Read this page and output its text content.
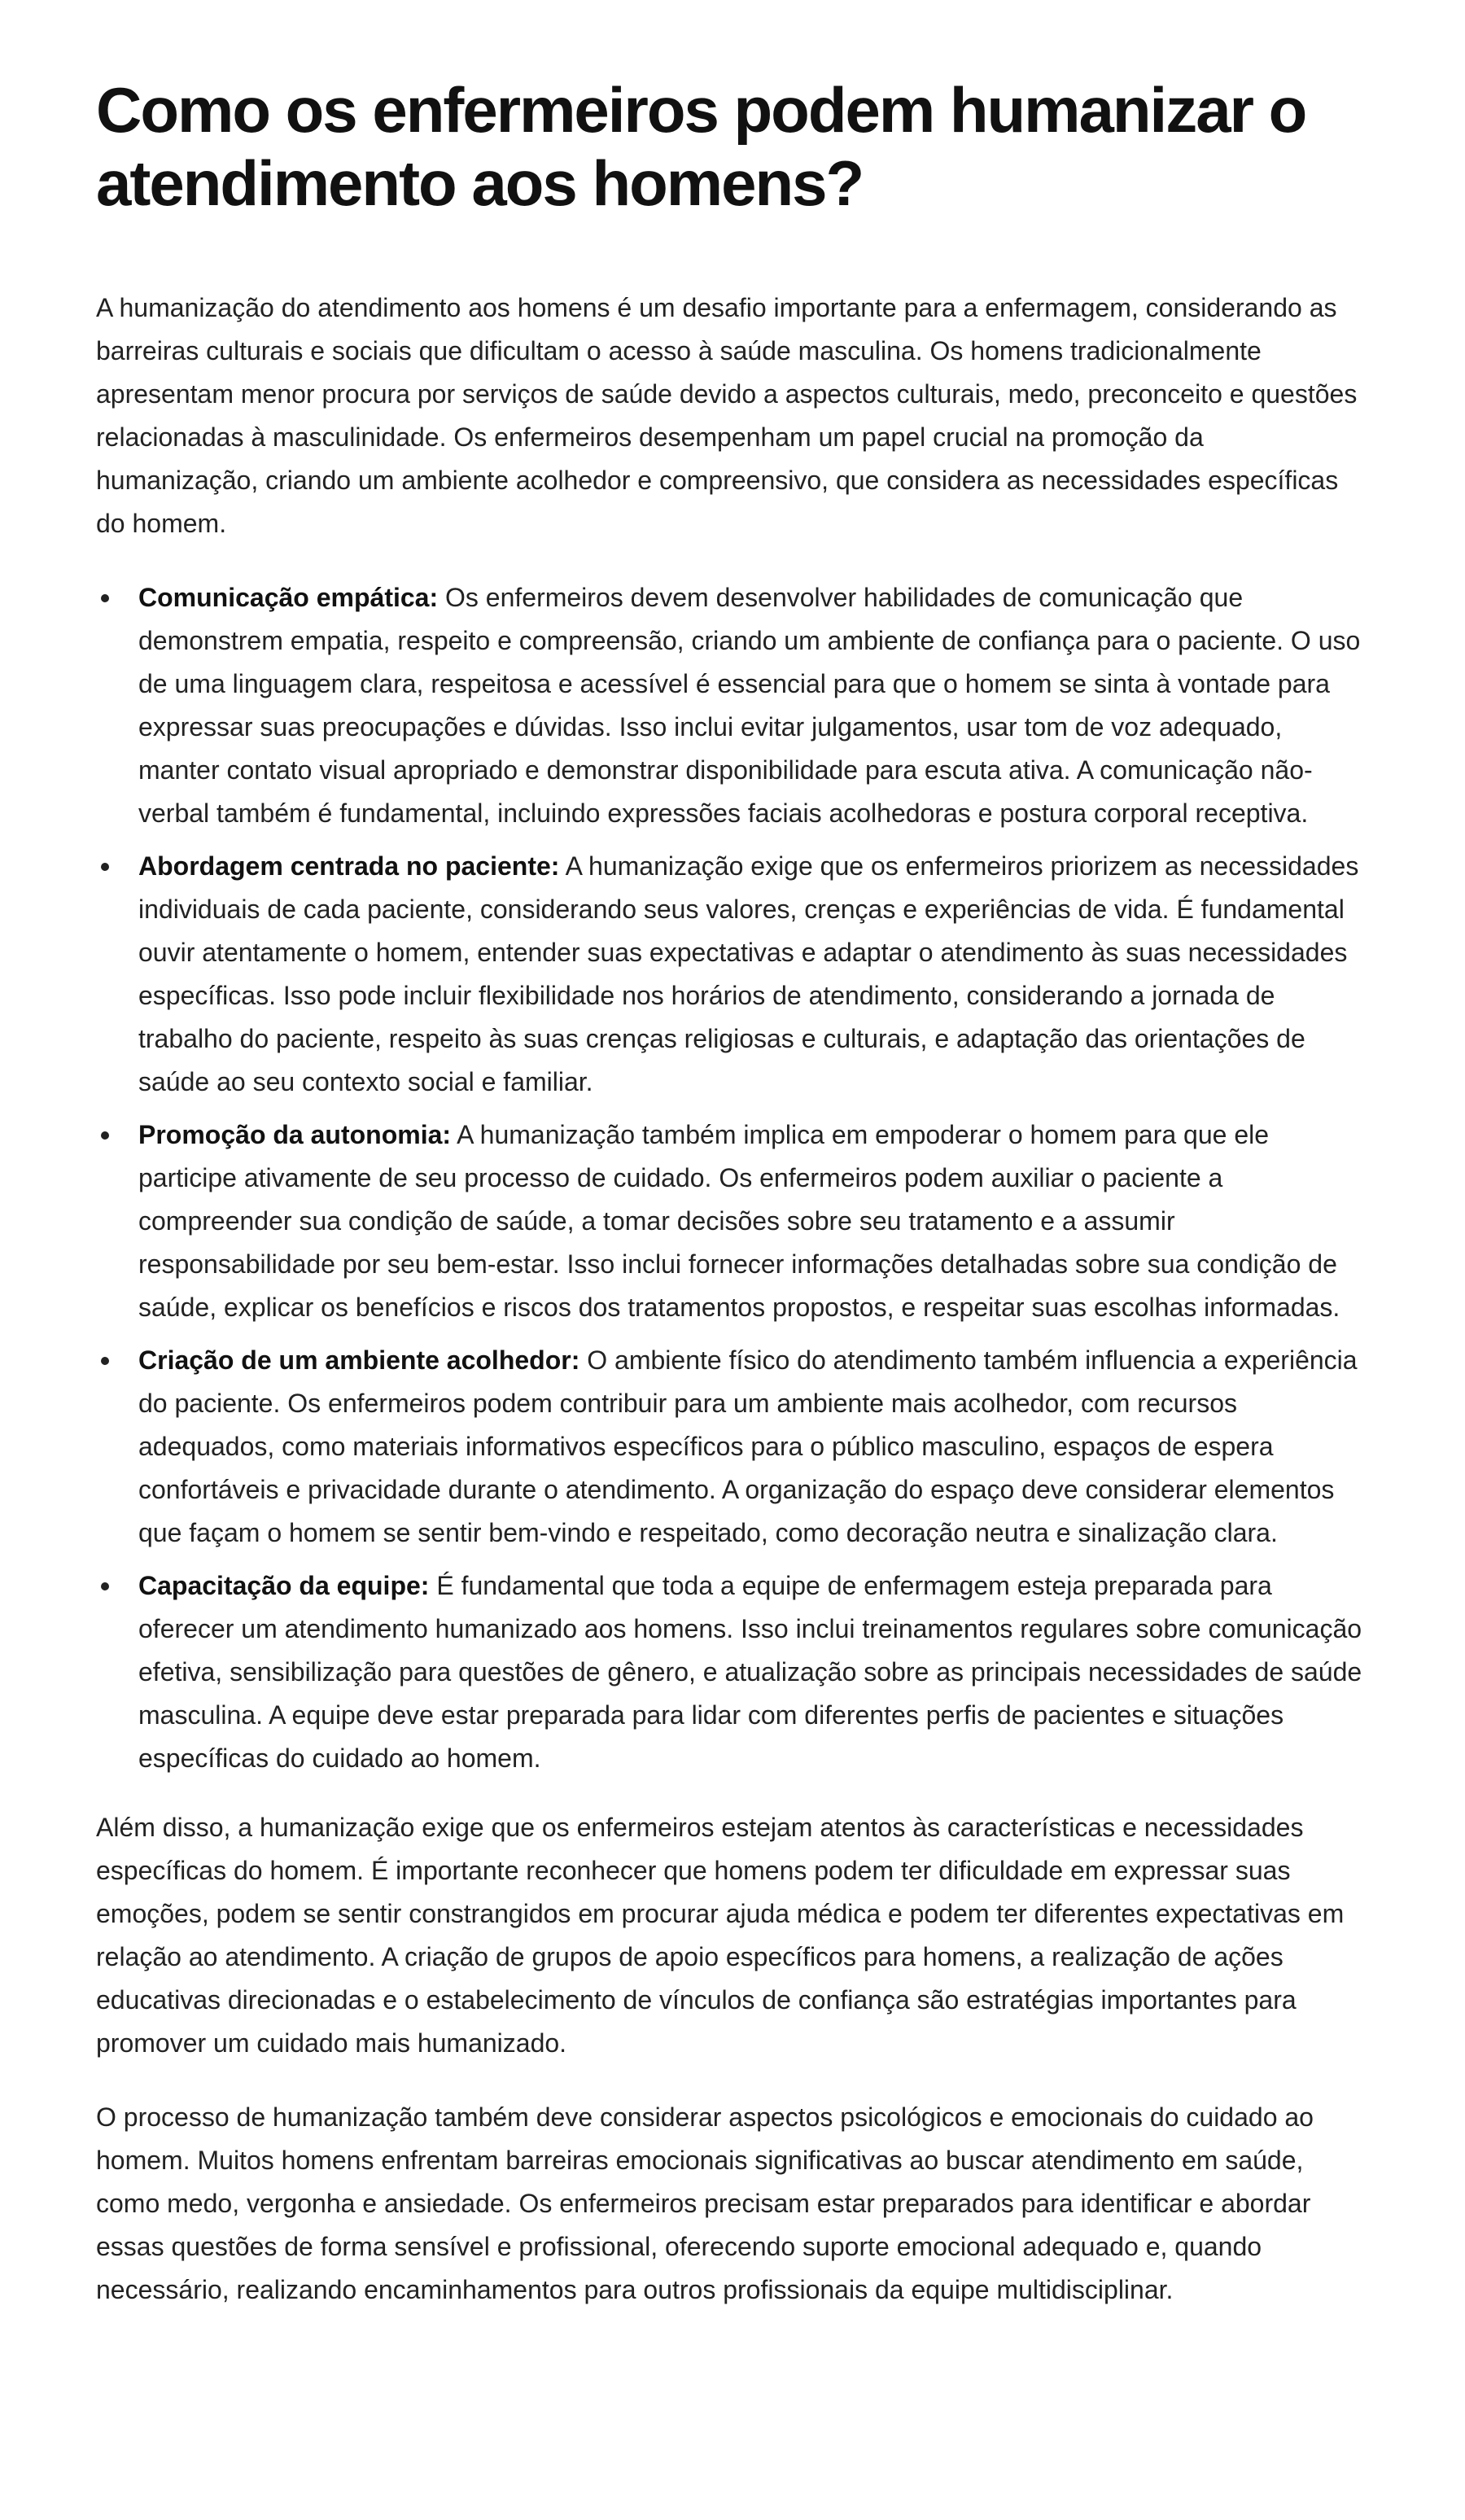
Como os enfermeiros podem humanizar o atendimento aos homens?

A humanização do atendimento aos homens é um desafio importante para a enfermagem, considerando as barreiras culturais e sociais que dificultam o acesso à saúde masculina. Os homens tradicionalmente apresentam menor procura por serviços de saúde devido a aspectos culturais, medo, preconceito e questões relacionadas à masculinidade. Os enfermeiros desempenham um papel crucial na promoção da humanização, criando um ambiente acolhedor e compreensivo, que considera as necessidades específicas do homem.

Comunicação empática: Os enfermeiros devem desenvolver habilidades de comunicação que demonstrem empatia, respeito e compreensão, criando um ambiente de confiança para o paciente. O uso de uma linguagem clara, respeitosa e acessível é essencial para que o homem se sinta à vontade para expressar suas preocupações e dúvidas. Isso inclui evitar julgamentos, usar tom de voz adequado, manter contato visual apropriado e demonstrar disponibilidade para escuta ativa. A comunicação não-verbal também é fundamental, incluindo expressões faciais acolhedoras e postura corporal receptiva.
Abordagem centrada no paciente: A humanização exige que os enfermeiros priorizem as necessidades individuais de cada paciente, considerando seus valores, crenças e experiências de vida. É fundamental ouvir atentamente o homem, entender suas expectativas e adaptar o atendimento às suas necessidades específicas. Isso pode incluir flexibilidade nos horários de atendimento, considerando a jornada de trabalho do paciente, respeito às suas crenças religiosas e culturais, e adaptação das orientações de saúde ao seu contexto social e familiar.
Promoção da autonomia: A humanização também implica em empoderar o homem para que ele participe ativamente de seu processo de cuidado. Os enfermeiros podem auxiliar o paciente a compreender sua condição de saúde, a tomar decisões sobre seu tratamento e a assumir responsabilidade por seu bem-estar. Isso inclui fornecer informações detalhadas sobre sua condição de saúde, explicar os benefícios e riscos dos tratamentos propostos, e respeitar suas escolhas informadas.
Criação de um ambiente acolhedor: O ambiente físico do atendimento também influencia a experiência do paciente. Os enfermeiros podem contribuir para um ambiente mais acolhedor, com recursos adequados, como materiais informativos específicos para o público masculino, espaços de espera confortáveis e privacidade durante o atendimento. A organização do espaço deve considerar elementos que façam o homem se sentir bem-vindo e respeitado, como decoração neutra e sinalização clara.
Capacitação da equipe: É fundamental que toda a equipe de enfermagem esteja preparada para oferecer um atendimento humanizado aos homens. Isso inclui treinamentos regulares sobre comunicação efetiva, sensibilização para questões de gênero, e atualização sobre as principais necessidades de saúde masculina. A equipe deve estar preparada para lidar com diferentes perfis de pacientes e situações específicas do cuidado ao homem.

Além disso, a humanização exige que os enfermeiros estejam atentos às características e necessidades específicas do homem. É importante reconhecer que homens podem ter dificuldade em expressar suas emoções, podem se sentir constrangidos em procurar ajuda médica e podem ter diferentes expectativas em relação ao atendimento. A criação de grupos de apoio específicos para homens, a realização de ações educativas direcionadas e o estabelecimento de vínculos de confiança são estratégias importantes para promover um cuidado mais humanizado.

O processo de humanização também deve considerar aspectos psicológicos e emocionais do cuidado ao homem. Muitos homens enfrentam barreiras emocionais significativas ao buscar atendimento em saúde, como medo, vergonha e ansiedade. Os enfermeiros precisam estar preparados para identificar e abordar essas questões de forma sensível e profissional, oferecendo suporte emocional adequado e, quando necessário, realizando encaminhamentos para outros profissionais da equipe multidisciplinar.
